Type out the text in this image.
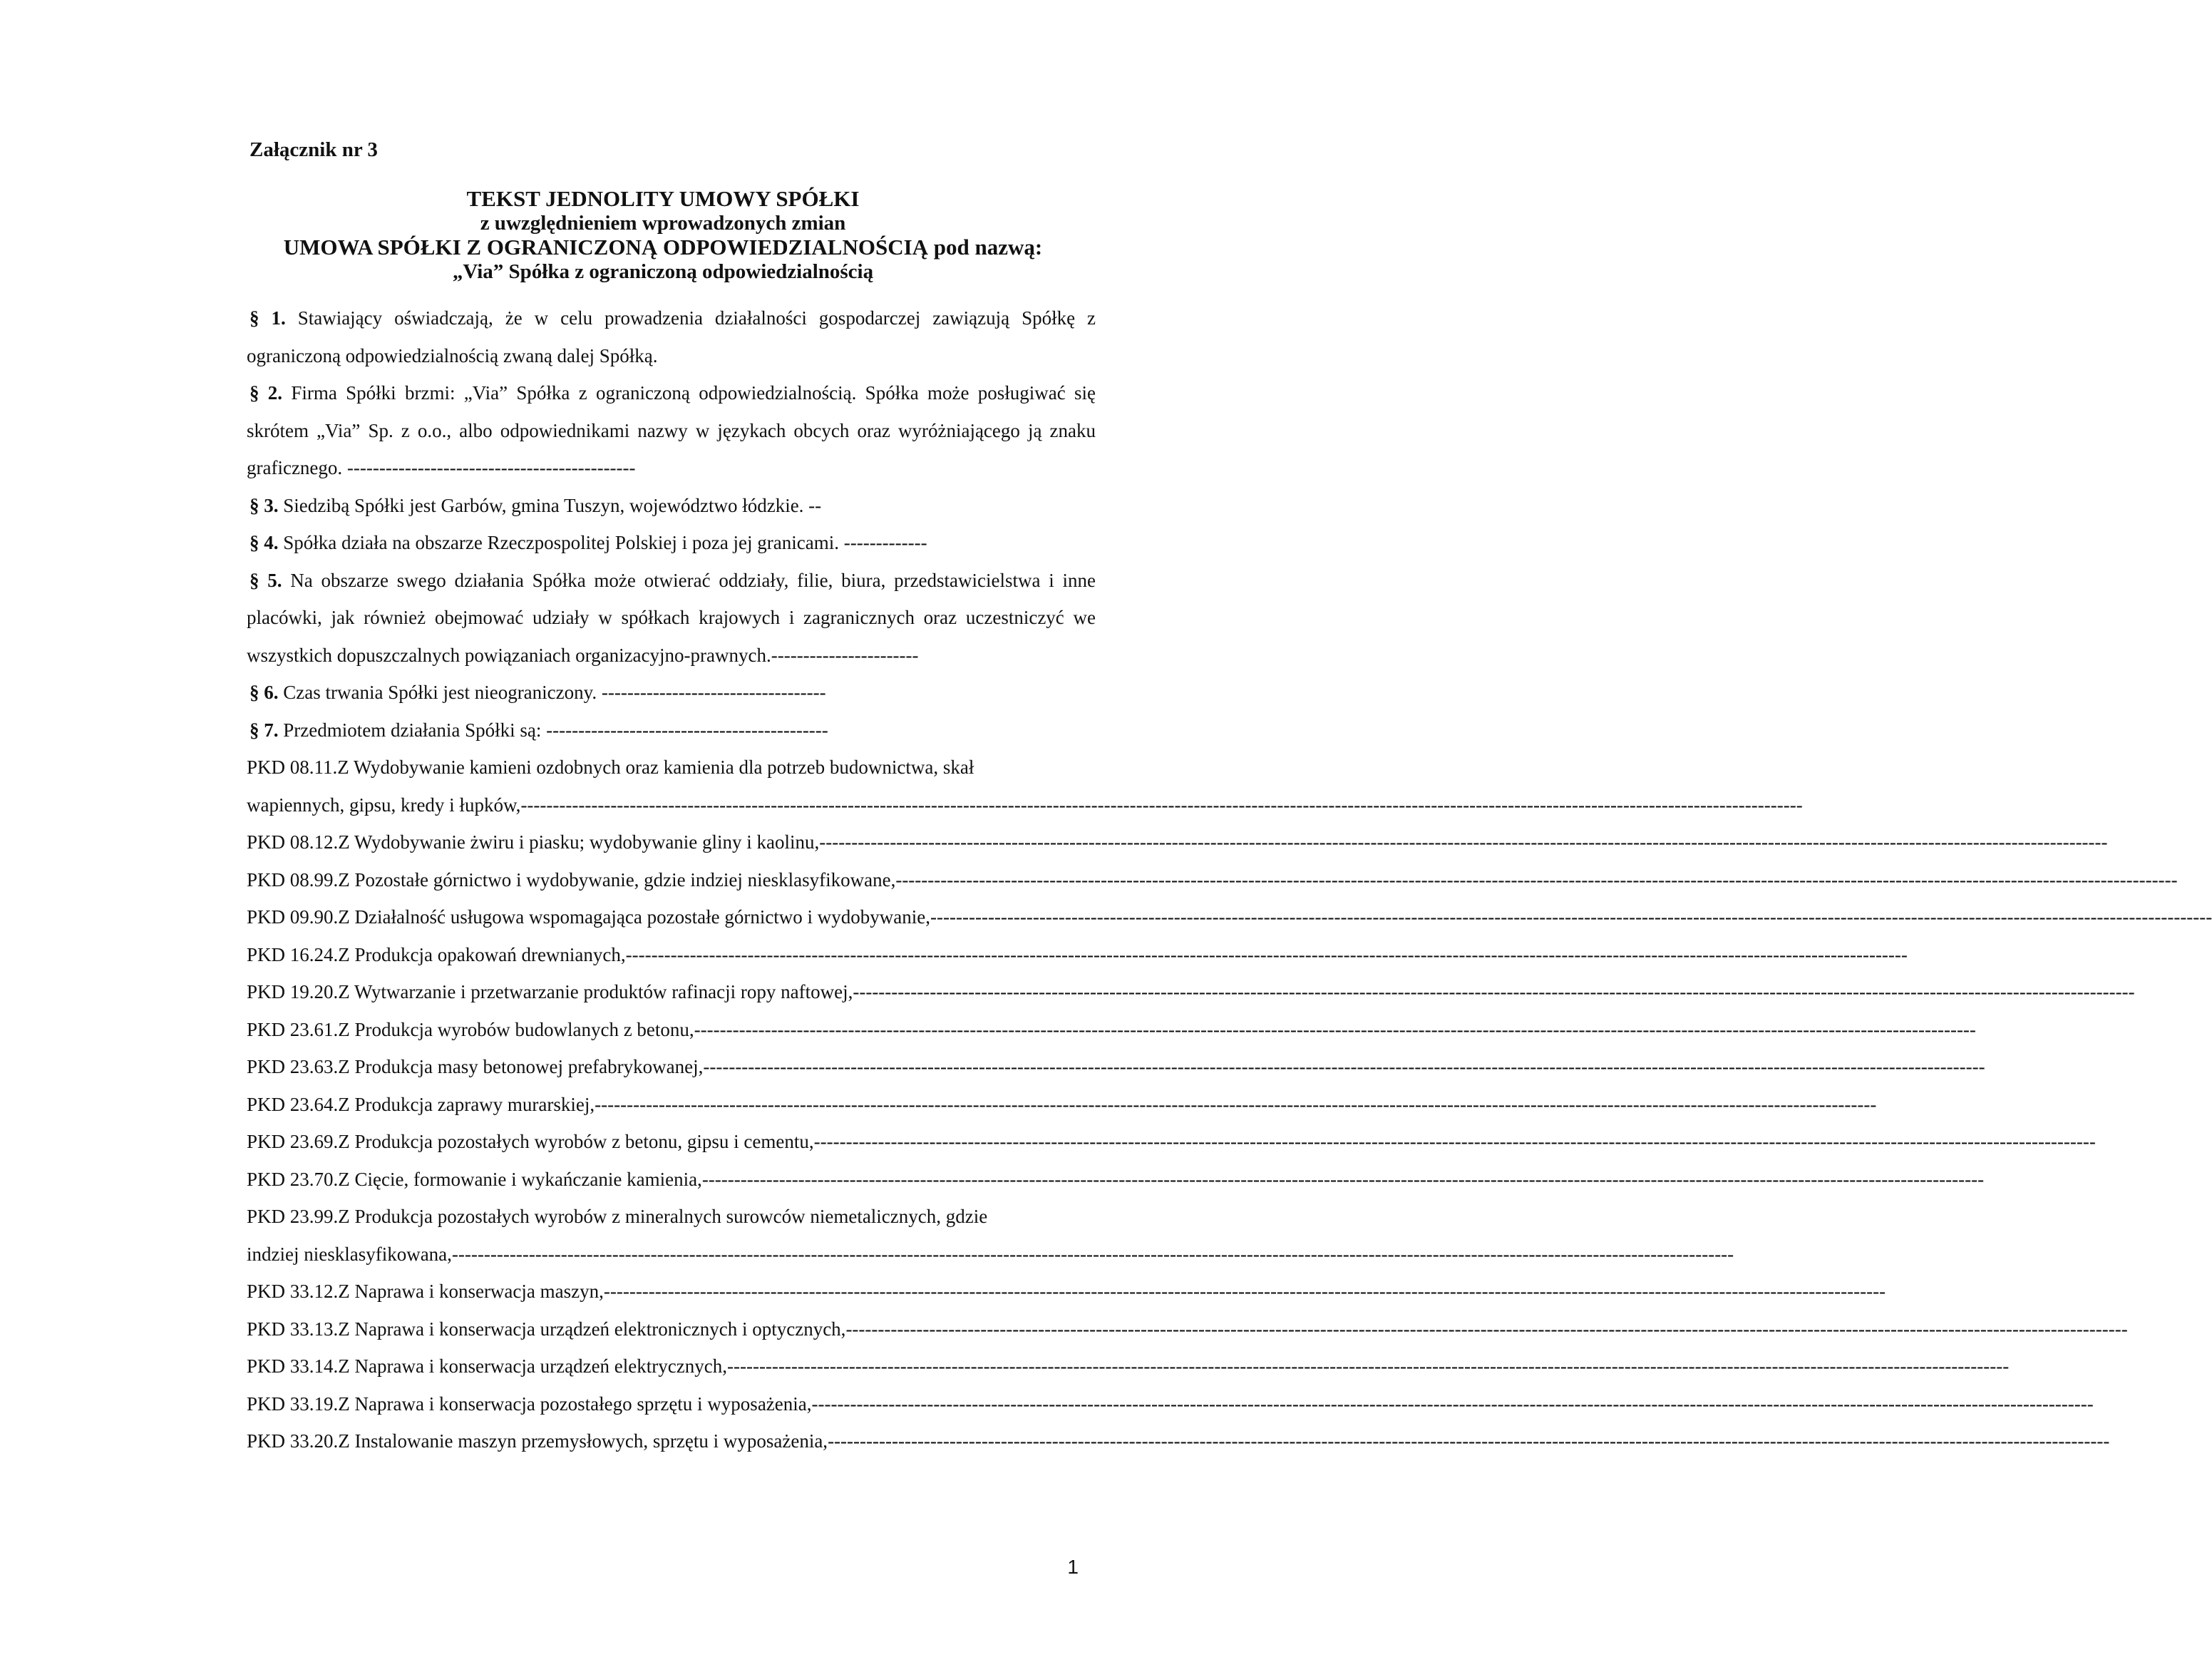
Załącznik nr 3
TEKST JEDNOLITY UMOWY SPÓŁKI
z uwzględnieniem wprowadzonych zmian
UMOWA SPÓŁKI Z OGRANICZONĄ ODPOWIEDZIALNOŚCIĄ pod nazwą:
„Via” Spółka z ograniczoną odpowiedzialnością

§ 1. Stawiający oświadczają, że w celu prowadzenia działalności gospodarczej zawiązują Spółkę z ograniczoną odpowiedzialnością zwaną dalej Spółką.

§ 2. Firma Spółki brzmi: „Via” Spółka z ograniczoną odpowiedzialnością. Spółka może posługiwać się skrótem „Via” Sp. z o.o., albo odpowiednikami nazwy w językach obcych oraz wyróżniającego ją znaku graficznego. ---------------------------------------------

§ 3. Siedzibą Spółki jest Garbów, gmina Tuszyn, województwo łódzkie. --

§ 4. Spółka działa na obszarze Rzeczpospolitej Polskiej i poza jej granicami. -------------

§ 5. Na obszarze swego działania Spółka może otwierać oddziały, filie, biura, przedstawicielstwa i inne placówki, jak również obejmować udziały w spółkach krajowych i zagranicznych oraz uczestniczyć we wszystkich dopuszczalnych powiązaniach organizacyjno-prawnych.-----------------------

§ 6. Czas trwania Spółki jest nieograniczony. -----------------------------------

§ 7. Przedmiotem działania Spółki są: --------------------------------------------

PKD 08.11.Z Wydobywanie kamieni ozdobnych oraz kamienia dla potrzeb budownictwa, skał
wapiennych, gipsu, kredy i łupków, --------------------------------------------------------------------------------------------------------------------------------------------------------------------------------------------------------
PKD 08.12.Z Wydobywanie żwiru i piasku; wydobywanie gliny i kaolinu,- --------------------------------------------------------------------------------------------------------------------------------------------------------------------------------------------------------
PKD 08.99.Z Pozostałe górnictwo i wydobywanie, gdzie indziej niesklasyfikowane, --------------------------------------------------------------------------------------------------------------------------------------------------------------------------------------------------------
PKD 09.90.Z Działalność usługowa wspomagająca pozostałe górnictwo i wydobywanie, --------------------------------------------------------------------------------------------------------------------------------------------------------------------------------------------------------
PKD 16.24.Z Produkcja opakowań drewnianych, --------------------------------------------------------------------------------------------------------------------------------------------------------------------------------------------------------
PKD 19.20.Z Wytwarzanie i przetwarzanie produktów rafinacji ropy naftowej, --------------------------------------------------------------------------------------------------------------------------------------------------------------------------------------------------------
PKD 23.61.Z Produkcja wyrobów budowlanych z betonu, --------------------------------------------------------------------------------------------------------------------------------------------------------------------------------------------------------
PKD 23.63.Z Produkcja masy betonowej prefabrykowanej, --------------------------------------------------------------------------------------------------------------------------------------------------------------------------------------------------------
PKD 23.64.Z Produkcja zaprawy murarskiej, --------------------------------------------------------------------------------------------------------------------------------------------------------------------------------------------------------
PKD 23.69.Z Produkcja pozostałych wyrobów z betonu, gipsu i cementu, --------------------------------------------------------------------------------------------------------------------------------------------------------------------------------------------------------
PKD 23.70.Z Cięcie, formowanie i wykańczanie kamienia, --------------------------------------------------------------------------------------------------------------------------------------------------------------------------------------------------------
PKD 23.99.Z Produkcja pozostałych wyrobów z mineralnych surowców niemetalicznych, gdzie
indziej niesklasyfikowana, --------------------------------------------------------------------------------------------------------------------------------------------------------------------------------------------------------
PKD 33.12.Z Naprawa i konserwacja maszyn, --------------------------------------------------------------------------------------------------------------------------------------------------------------------------------------------------------
PKD 33.13.Z Naprawa i konserwacja urządzeń elektronicznych i optycznych, --------------------------------------------------------------------------------------------------------------------------------------------------------------------------------------------------------
PKD 33.14.Z Naprawa i konserwacja urządzeń elektrycznych, --------------------------------------------------------------------------------------------------------------------------------------------------------------------------------------------------------
PKD 33.19.Z Naprawa i konserwacja pozostałego sprzętu i wyposażenia, --------------------------------------------------------------------------------------------------------------------------------------------------------------------------------------------------------
PKD 33.20.Z Instalowanie maszyn przemysłowych, sprzętu i wyposażenia, --------------------------------------------------------------------------------------------------------------------------------------------------------------------------------------------------------
1
